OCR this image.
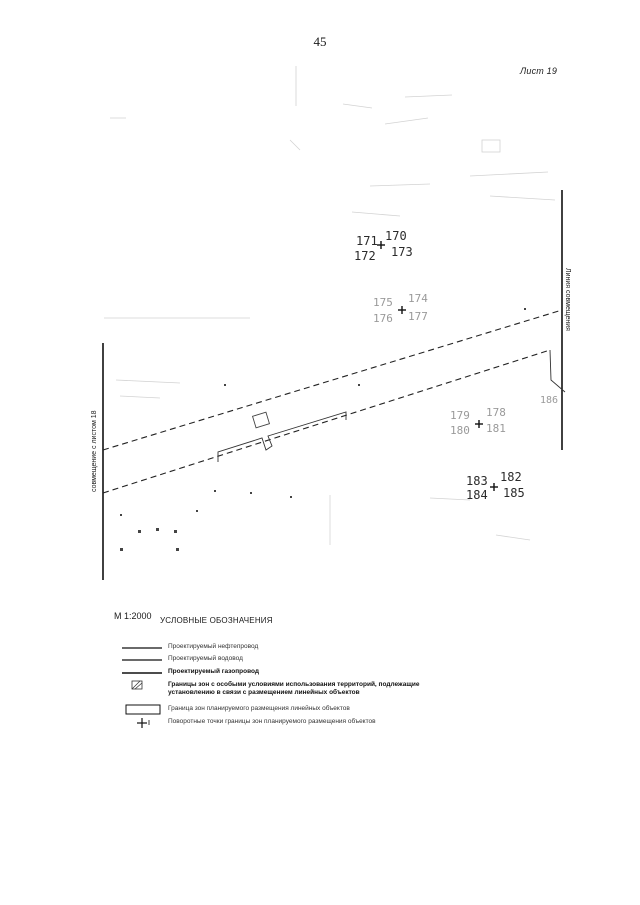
45
Лист 19
171 170
172 173
175 174
176 177
179 178
180 181
183 182
184 185
186
совмещение с листом 18
Линия совмещения
М 1:2000 УСЛОВНЫЕ ОБОЗНАЧЕНИЯ
Проектируемый нефтепровод
Проектируемый водовод
Проектируемый газопровод
Границы зон с особыми условиями использования территорий, подлежащие установлению в связи с размещением линейных объектов
Граница зон планируемого размещения линейных объектов
Поворотные точки границы зон планируемого размещения объектов
